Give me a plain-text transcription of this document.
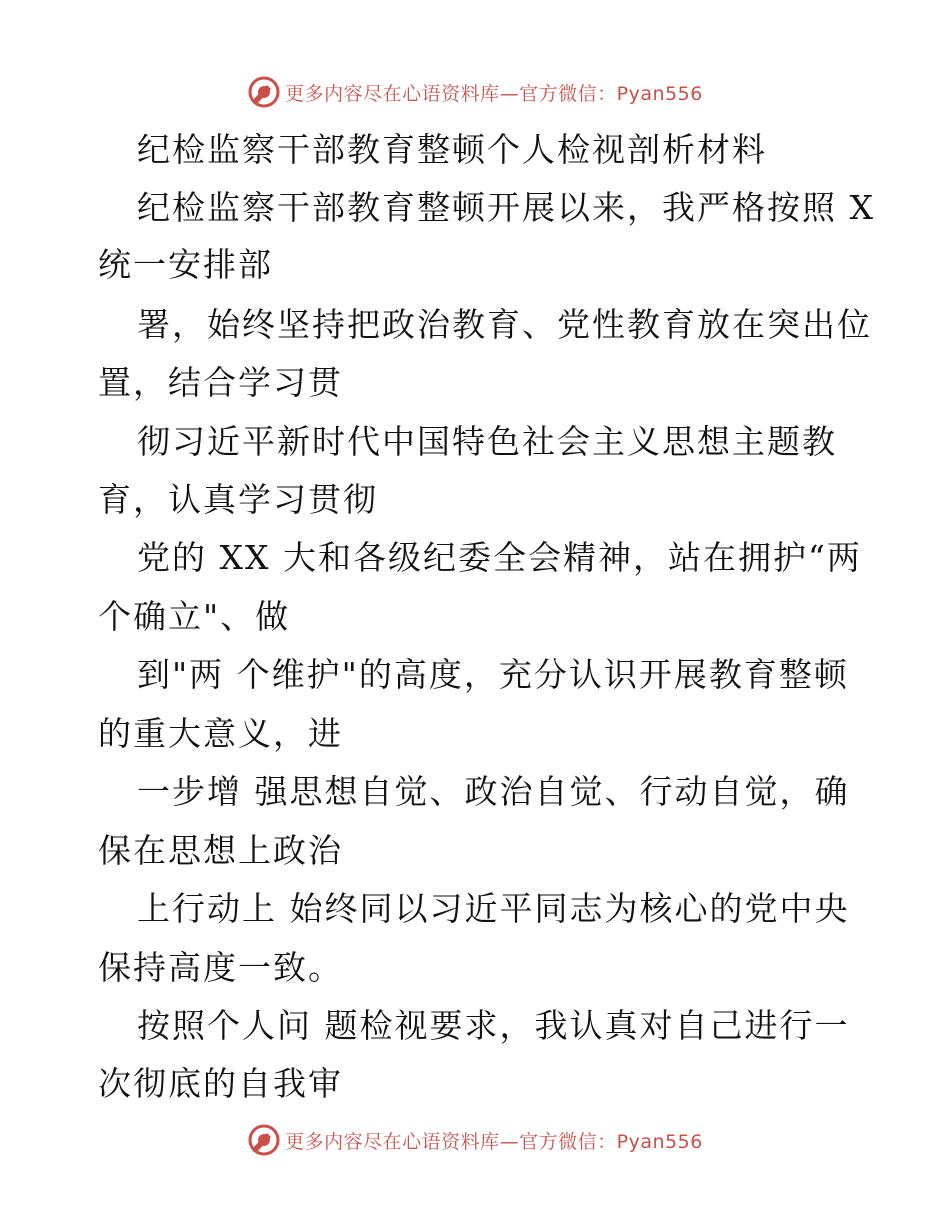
更多内容尽在心语资料库—官方微信：Pyan556
纪检监察干部教育整顿个人检视剖析材料
纪检监察干部教育整顿开展以来，我严格按照 X
统一安排部
署，始终坚持把政治教育、党性教育放在突出位
置，结合学习贯
彻习近平新时代中国特色社会主义思想主题教
育，认真学习贯彻
党的 XX 大和各级纪委全会精神，站在拥护“两
个确立"、做
到"两 个维护"的高度，充分认识开展教育整顿
的重大意义，进
一步增 强思想自觉、政治自觉、行动自觉，确
保在思想上政治
上行动上 始终同以习近平同志为核心的党中央
保持高度一致。
按照个人问 题检视要求，我认真对自己进行一
次彻底的自我审
更多内容尽在心语资料库—官方微信：Pyan556
